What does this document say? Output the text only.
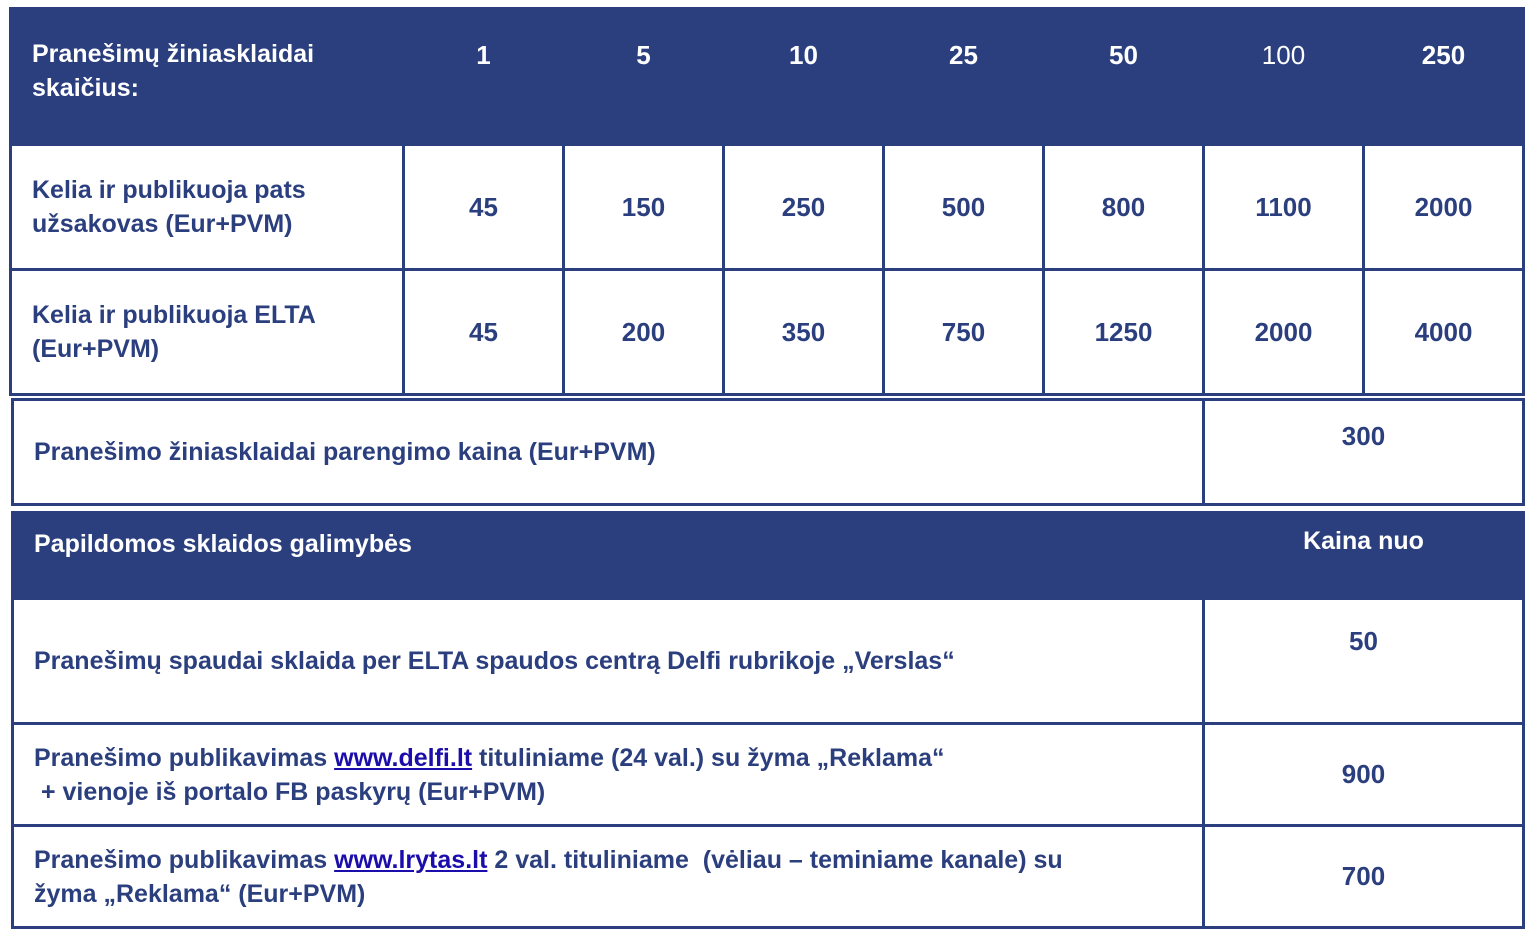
Pranešimų žiniasklaidai skaičius:	1	5	10	25	50	100	250
Kelia ir publikuoja pats užsakovas (Eur+PVM)	45	150	250	500	800	1100	2000
Kelia ir publikuoja ELTA (Eur+PVM)	45	200	350	750	1250	2000	4000
Pranešimo žiniasklaidai parengimo kaina (Eur+PVM)	300
Papildomos sklaidos galimybės	Kaina nuo
Pranešimų spaudai sklaida per ELTA spaudos centrą Delfi rubrikoje „Verslas“	50
Pranešimo publikavimas www.delfi.lt tituliniame (24 val.) su žyma „Reklama“
+ vienoje iš portalo FB paskyrų (Eur+PVM)	900
Pranešimo publikavimas www.lrytas.lt 2 val. tituliniame  (vėliau – teminiame kanale) su
žyma „Reklama“ (Eur+PVM)	700
